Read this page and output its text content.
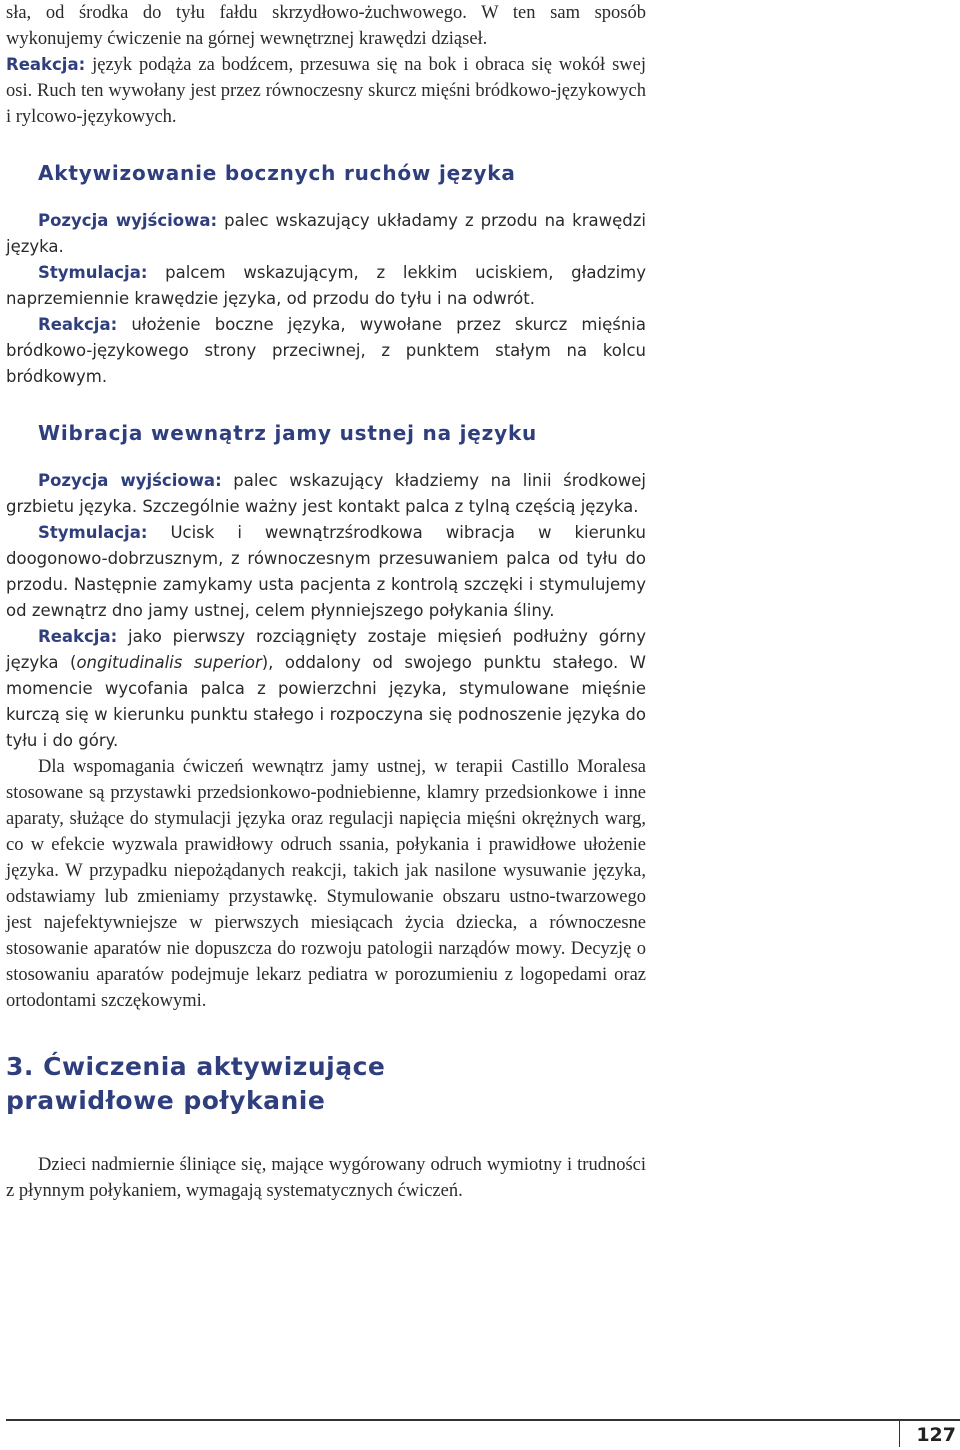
sła, od środka do tyłu fałdu skrzydłowo-żuchwowego. W ten sam sposób wykonujemy ćwiczenie na górnej wewnętrznej krawędzi dziąseł.

Reakcja: język podąża za bodźcem, przesuwa się na bok i obraca się wokół swej osi. Ruch ten wywołany jest przez równoczesny skurcz mięśni bródkowo-językowych i rylcowo-językowych.

Aktywizowanie bocznych ruchów języka

Pozycja wyjściowa: palec wskazujący układamy z przodu na krawędzi języka.

Stymulacja: palcem wskazującym, z lekkim uciskiem, gładzimy naprzemiennie krawędzie języka, od przodu do tyłu i na odwrót.

Reakcja: ułożenie boczne języka, wywołane przez skurcz mięśnia bródkowo-językowego strony przeciwnej, z punktem stałym na kolcu bródkowym.

Wibracja wewnątrz jamy ustnej na języku

Pozycja wyjściowa: palec wskazujący kładziemy na linii środkowej grzbietu języka. Szczególnie ważny jest kontakt palca z tylną częścią języka.

Stymulacja: Ucisk i wewnątrzśrodkowa wibracja w kierunku doogonowo-dobrzusznym, z równoczesnym przesuwaniem palca od tyłu do przodu. Następnie zamykamy usta pacjenta z kontrolą szczęki i stymulujemy od zewnątrz dno jamy ustnej, celem płynniejszego połykania śliny.

Reakcja: jako pierwszy rozciągnięty zostaje mięsień podłużny górny języka (ongitudinalis superior), oddalony od swojego punktu stałego. W momencie wycofania palca z powierzchni języka, stymulowane mięśnie kurczą się w kierunku punktu stałego i rozpoczyna się podnoszenie języka do tyłu i do góry.

Dla wspomagania ćwiczeń wewnątrz jamy ustnej, w terapii Castillo Moralesa stosowane są przystawki przedsionkowo-podniebienne, klamry przedsionkowe i inne aparaty, służące do stymulacji języka oraz regulacji napięcia mięśni okrężnych warg, co w efekcie wyzwala prawidłowy odruch ssania, połykania i prawidłowe ułożenie języka. W przypadku niepożądanych reakcji, takich jak nasilone wysuwanie języka, odstawiamy lub zmieniamy przystawkę. Stymulowanie obszaru ustno-twarzowego jest najefektywniejsze w pierwszych miesiącach życia dziecka, a równoczesne stosowanie aparatów nie dopuszcza do rozwoju patologii narządów mowy. Decyzję o stosowaniu aparatów podejmuje lekarz pediatra w porozumieniu z logopedami oraz ortodontami szczękowymi.

3. Ćwiczenia aktywizujące
prawidłowe połykanie

Dzieci nadmiernie śliniące się, mające wygórowany odruch wymiotny i trudności z płynnym połykaniem, wymagają systematycznych ćwiczeń.

127
